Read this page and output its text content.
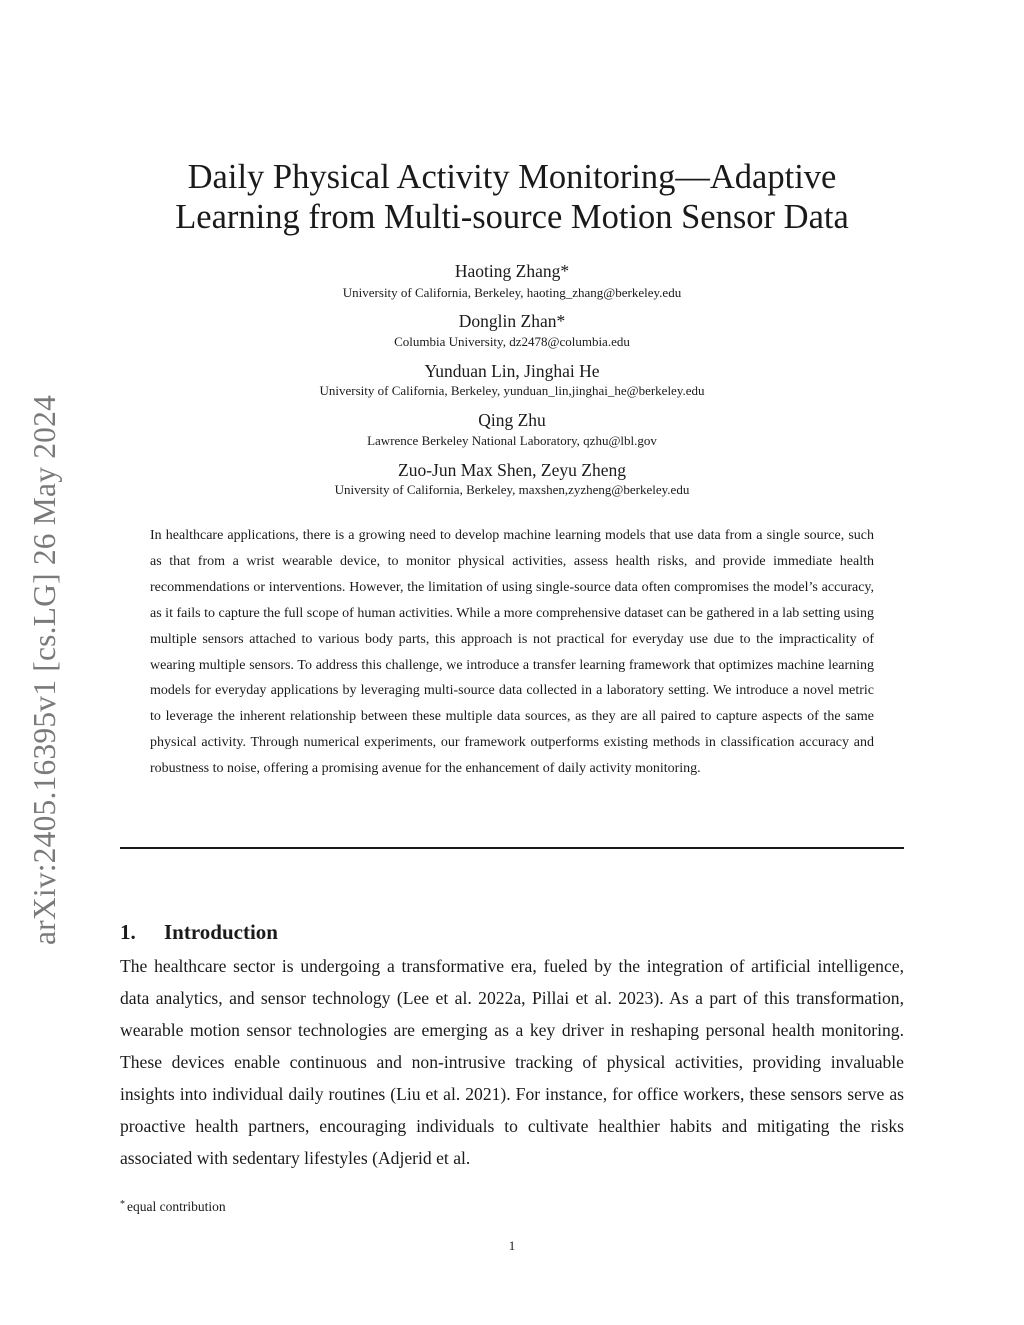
arXiv:2405.16395v1 [cs.LG] 26 May 2024
Daily Physical Activity Monitoring—Adaptive
Learning from Multi-source Motion Sensor Data
Haoting Zhang*
University of California, Berkeley, haoting_zhang@berkeley.edu
Donglin Zhan*
Columbia University, dz2478@columbia.edu
Yunduan Lin, Jinghai He
University of California, Berkeley, yunduan_lin,jinghai_he@berkeley.edu
Qing Zhu
Lawrence Berkeley National Laboratory, qzhu@lbl.gov
Zuo-Jun Max Shen, Zeyu Zheng
University of California, Berkeley, maxshen,zyzheng@berkeley.edu

In healthcare applications, there is a growing need to develop machine learning models that use data from a single source, such as that from a wrist wearable device, to monitor physical activities, assess health risks, and provide immediate health recommendations or interventions. However, the limitation of using single-source data often compromises the model’s accuracy, as it fails to capture the full scope of human activities. While a more comprehensive dataset can be gathered in a lab setting using multiple sensors attached to various body parts, this approach is not practical for everyday use due to the impracticality of wearing multiple sensors. To address this challenge, we introduce a transfer learning framework that optimizes machine learning models for everyday applications by leveraging multi-source data collected in a laboratory setting. We introduce a novel metric to leverage the inherent relationship between these multiple data sources, as they are all paired to capture aspects of the same physical activity. Through numerical experiments, our framework outperforms existing methods in classification accuracy and robustness to noise, offering a promising avenue for the enhancement of daily activity monitoring.

1. Introduction

The healthcare sector is undergoing a transformative era, fueled by the integration of artificial intelligence, data analytics, and sensor technology (Lee et al. 2022a, Pillai et al. 2023). As a part of this transformation, wearable motion sensor technologies are emerging as a key driver in reshaping personal health monitoring. These devices enable continuous and non-intrusive tracking of physical activities, providing invaluable insights into individual daily routines (Liu et al. 2021). For instance, for office workers, these sensors serve as proactive health partners, encouraging individuals to cultivate healthier habits and mitigating the risks associated with sedentary lifestyles (Adjerid et al.

* equal contribution
1
